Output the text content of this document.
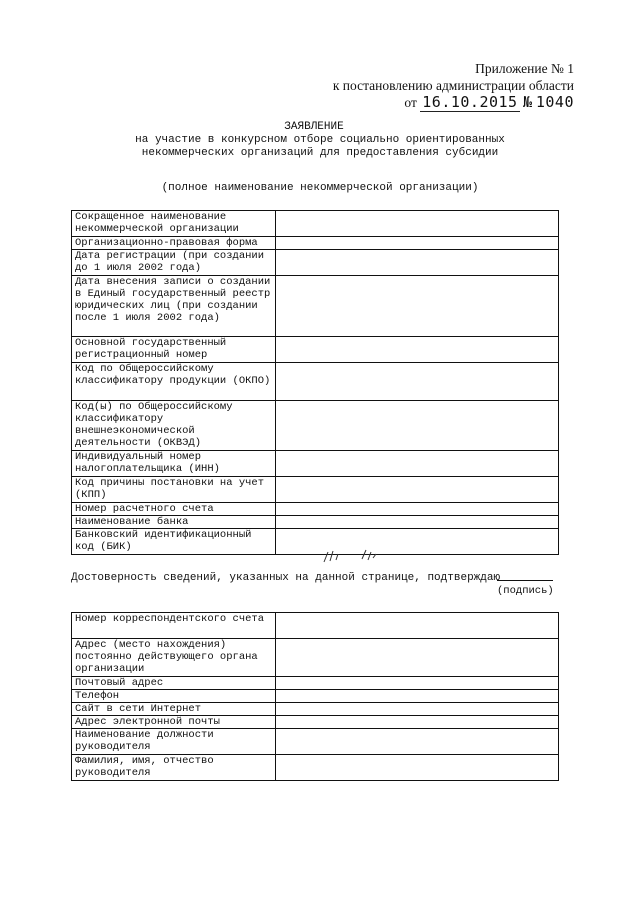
Приложение № 1
к постановлению администрации области
от 16.10.2015 № 1040
ЗАЯВЛЕНИЕ
на участие в конкурсном отборе социально ориентированных
некоммерческих организаций для предоставления субсидии
(полное наименование некоммерческой организации)
Сокращенное наименование некоммерческой организации	
Организационно-правовая форма	
Дата регистрации (при создании до 1 июля 2002 года)	
Дата внесения записи о создании в Единый государственный реестр юридических лиц (при создании после 1 июля 2002 года)	
Основной государственный регистрационный номер	
Код по Общероссийскому классификатору продукции (ОКПО)	
Код(ы) по Общероссийскому классификатору внешнеэкономической деятельности (ОКВЭД)	
Индивидуальный номер налогоплательщика (ИНН)	
Код причины постановки на учет (КПП)	
Номер расчетного счета	
Наименование банка	
Банковский идентификационный код (БИК)	
Достоверность сведений, указанных на данной странице, подтверждаю
(подпись)
Номер корреспондентского счета	
Адрес (место нахождения) постоянно действующего органа организации	
Почтовый адрес	
Телефон	
Сайт в сети Интернет	
Адрес электронной почты	
Наименование должности руководителя	
Фамилия, имя, отчество руководителя	
